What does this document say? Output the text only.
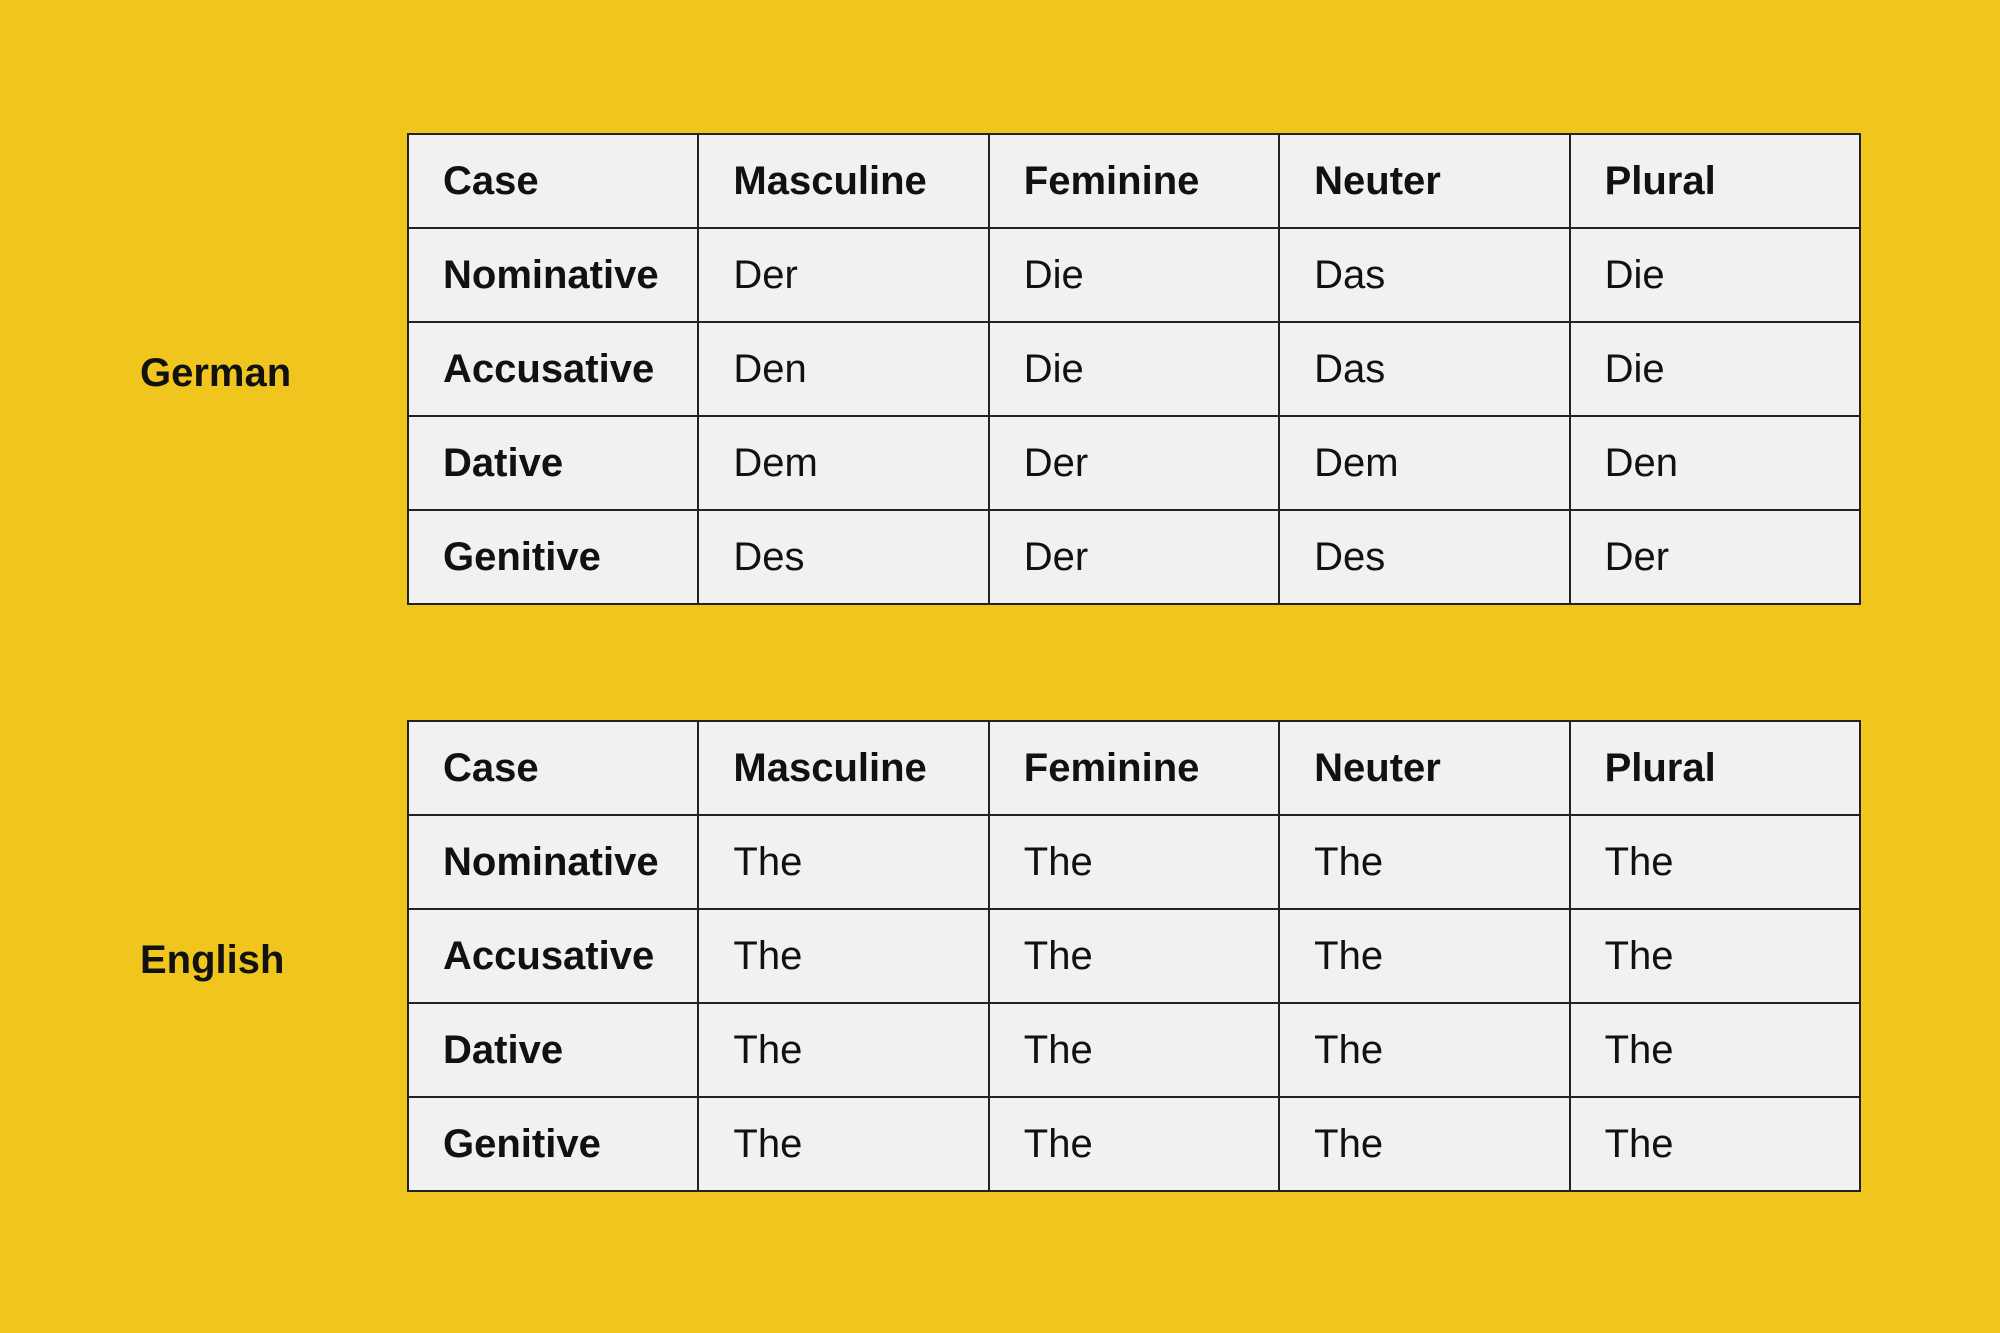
German
Case	Masculine	Feminine	Neuter	Plural
Nominative	Der	Die	Das	Die
Accusative	Den	Die	Das	Die
Dative	Dem	Der	Dem	Den
Genitive	Des	Der	Des	Der
English
Case	Masculine	Feminine	Neuter	Plural
Nominative	The	The	The	The
Accusative	The	The	The	The
Dative	The	The	The	The
Genitive	The	The	The	The
